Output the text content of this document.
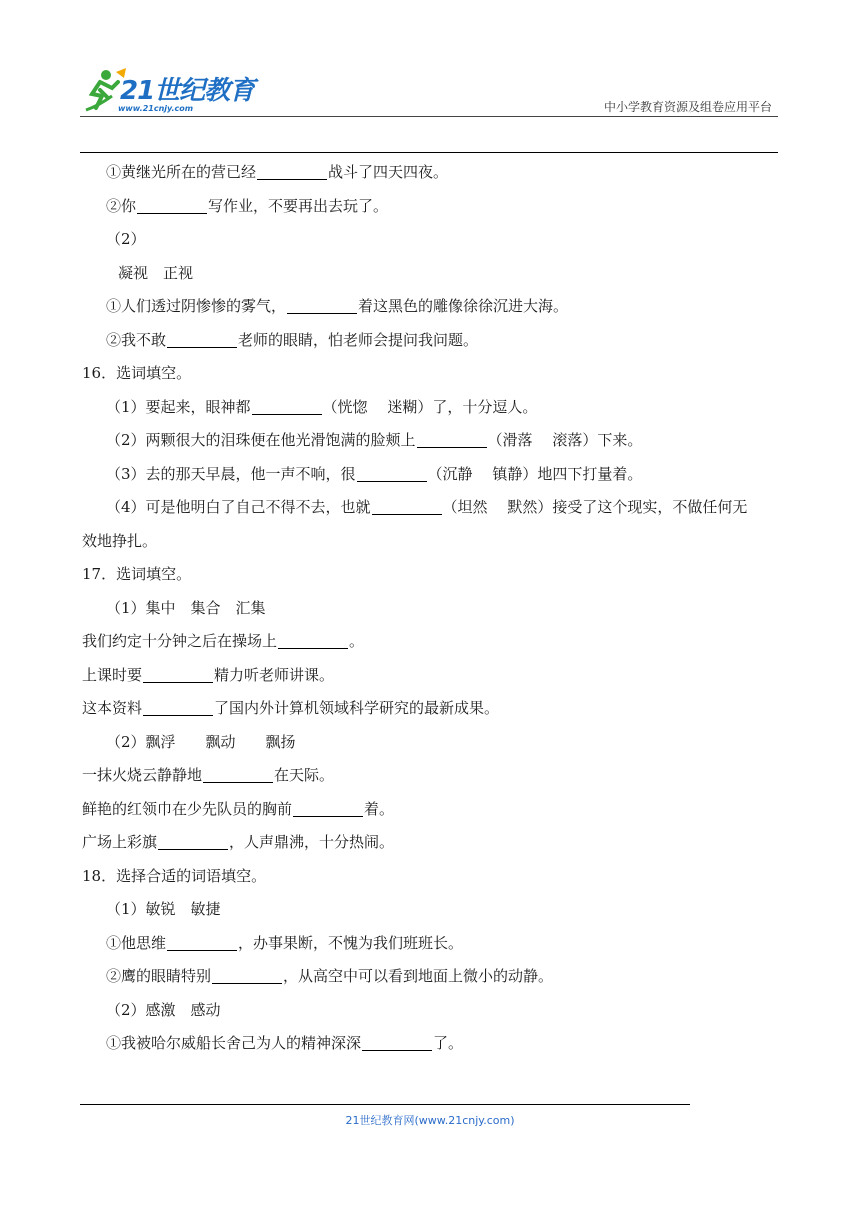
21世纪教育
www.21cnjy.com	中小学教育资源及组卷应用平台
①黄继光所在的营已经	战斗了四天四夜。
②你	写作业，不要再出去玩了。
（2）
凝视　正视
①人们透过阴惨惨的雾气，	着这黑色的雕像徐徐沉进大海。
②我不敢	老师的眼睛，怕老师会提问我问题。
16．选词填空。
（1）要起来，眼神都	（恍惚　 迷糊）了，十分逗人。
（2）两颗很大的泪珠便在他光滑饱满的脸颊上	（滑落　 滚落）下来。
（3）去的那天早晨，他一声不响，很	（沉静　 镇静）地四下打量着。
（4）可是他明白了自己不得不去，也就	（坦然　 默然）接受了这个现实，不做任何无
效地挣扎。
17．选词填空。
（1）集中　集合　汇集
我们约定十分钟之后在操场上	。
上课时要	精力听老师讲课。
这本资料	了国内外计算机领域科学研究的最新成果。
（2）飘浮　　飘动　　飘扬
一抹火烧云静静地	在天际。
鲜艳的红领巾在少先队员的胸前	着。
广场上彩旗	，人声鼎沸，十分热闹。
18．选择合适的词语填空。
（1）敏锐　敏捷
①他思维	，办事果断，不愧为我们班班长。
②鹰的眼睛特别	，从高空中可以看到地面上微小的动静。
（2）感激　感动
①我被哈尔威船长舍己为人的精神深深	了。
21世纪教育网(www.21cnjy.com)
